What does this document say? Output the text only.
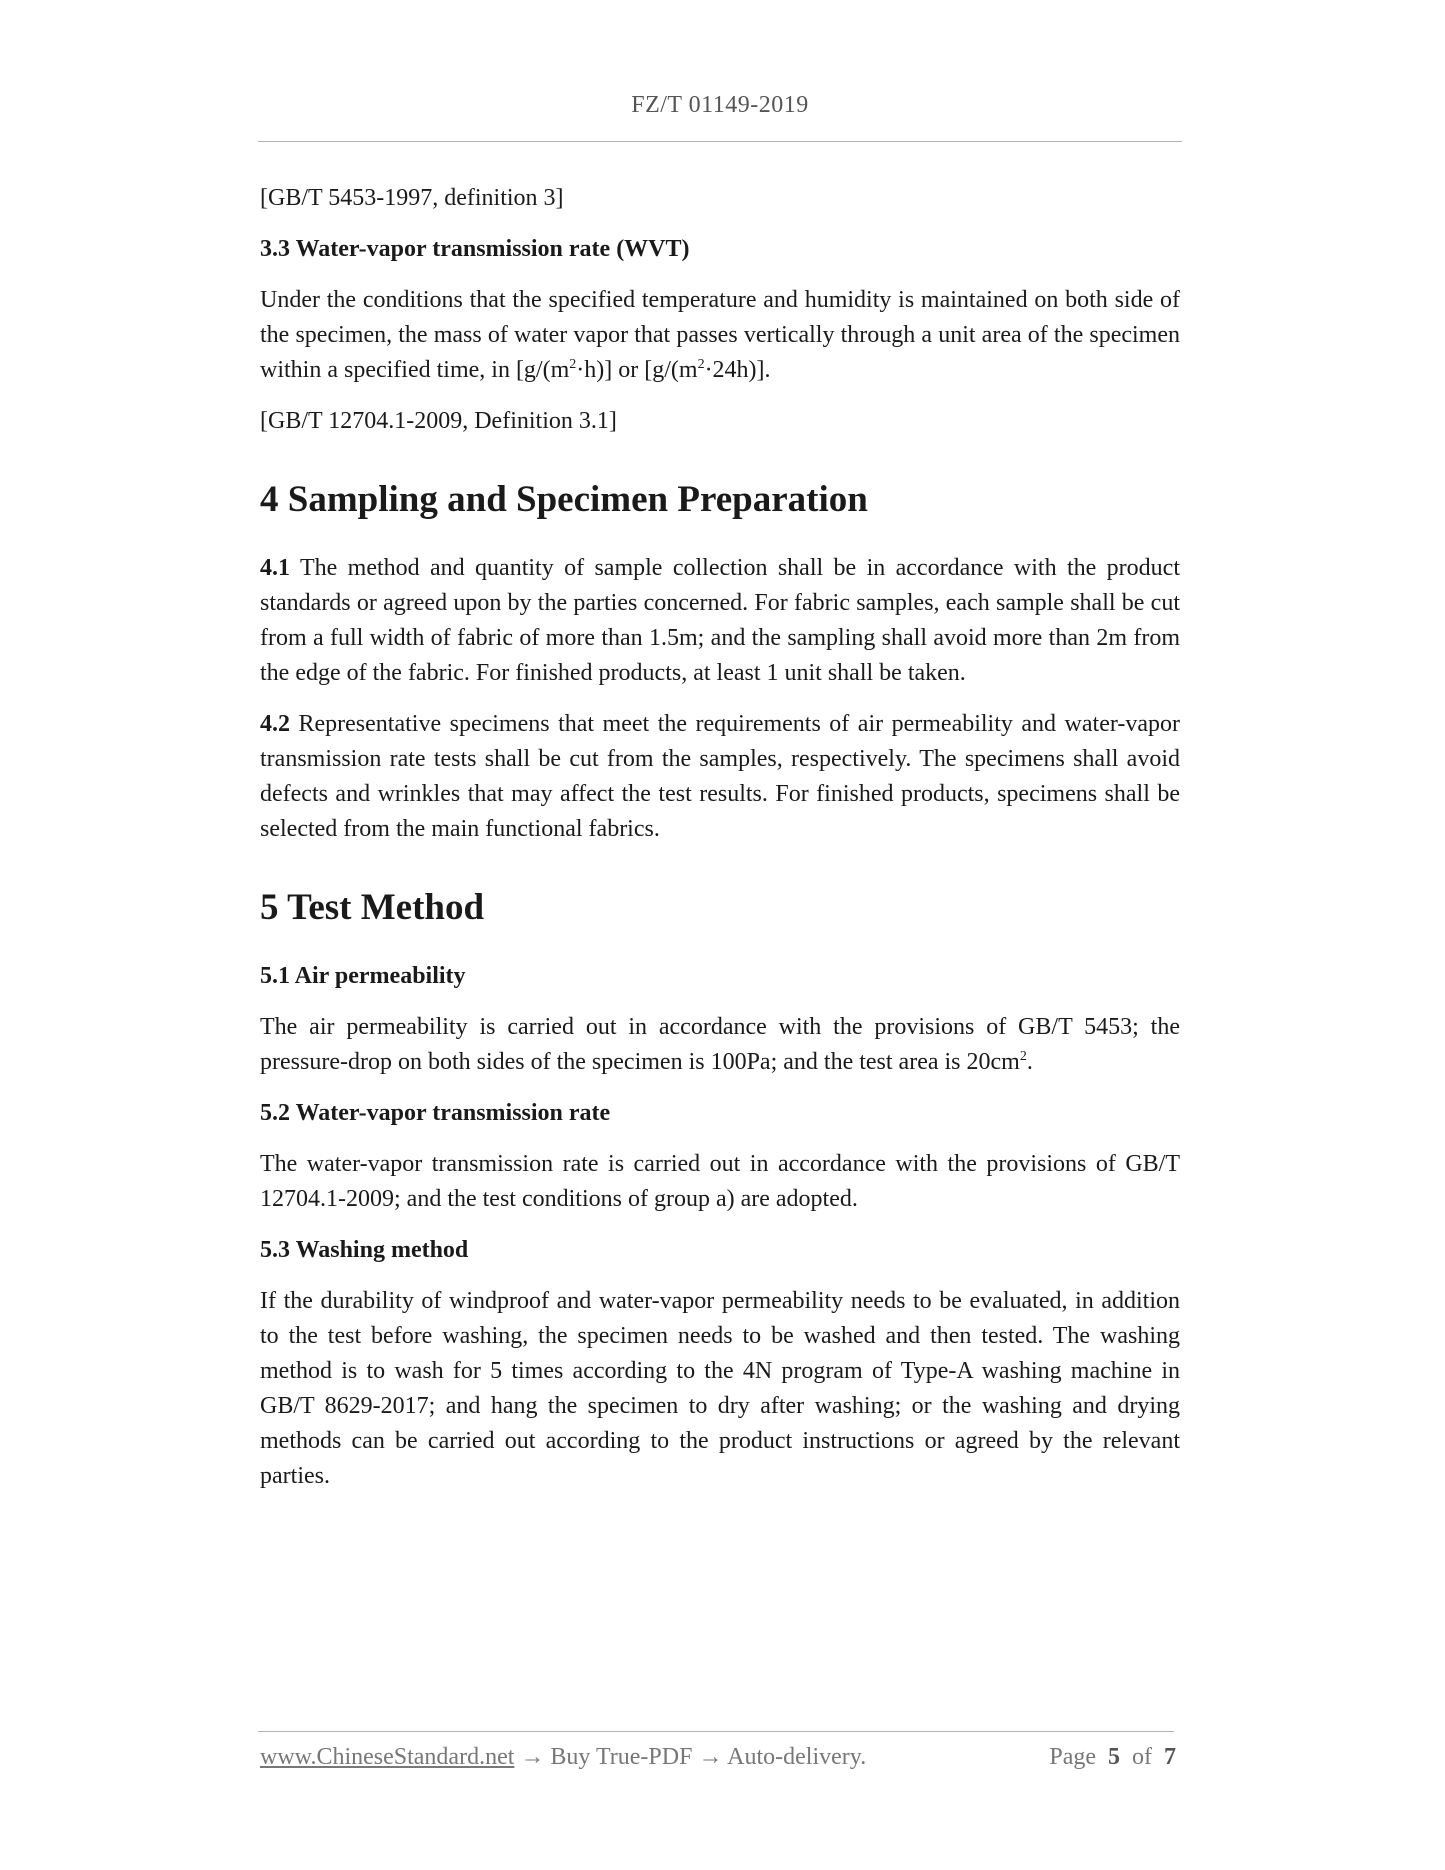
FZ/T 01149-2019

[GB/T 5453-1997, definition 3]

3.3 Water-vapor transmission rate (WVT)

Under the conditions that the specified temperature and humidity is maintained on both side of the specimen, the mass of water vapor that passes vertically through a unit area of the specimen within a specified time, in $[g/(m^2\cdot h)]$ or $[g/(m^2\cdot 24h)]$.

[GB/T 12704.1-2009, Definition 3.1]

4 Sampling and Specimen Preparation

4.1 The method and quantity of sample collection shall be in accordance with the product standards or agreed upon by the parties concerned. For fabric samples, each sample shall be cut from a full width of fabric of more than 1.5m; and the sampling shall avoid more than 2m from the edge of the fabric. For finished products, at least 1 unit shall be taken.

4.2 Representative specimens that meet the requirements of air permeability and water-vapor transmission rate tests shall be cut from the samples, respectively. The specimens shall avoid defects and wrinkles that may affect the test results. For finished products, specimens shall be selected from the main functional fabrics.

5 Test Method
5.1 Air permeability

The air permeability is carried out in accordance with the provisions of GB/T 5453; the pressure-drop on both sides of the specimen is 100Pa; and the test area is $20cm^2$.

5.2 Water-vapor transmission rate

The water-vapor transmission rate is carried out in accordance with the provisions of GB/T 12704.1-2009; and the test conditions of group a) are adopted.

5.3 Washing method

If the durability of windproof and water-vapor permeability needs to be evaluated, in addition to the test before washing, the specimen needs to be washed and then tested. The washing method is to wash for 5 times according to the 4N program of Type-A washing machine in GB/T 8629-2017; and hang the specimen to dry after washing; or the washing and drying methods can be carried out according to the product instructions or agreed by the relevant parties.

www.ChineseStandard.net → Buy True-PDF → Auto-delivery.	Page 5 of 7
